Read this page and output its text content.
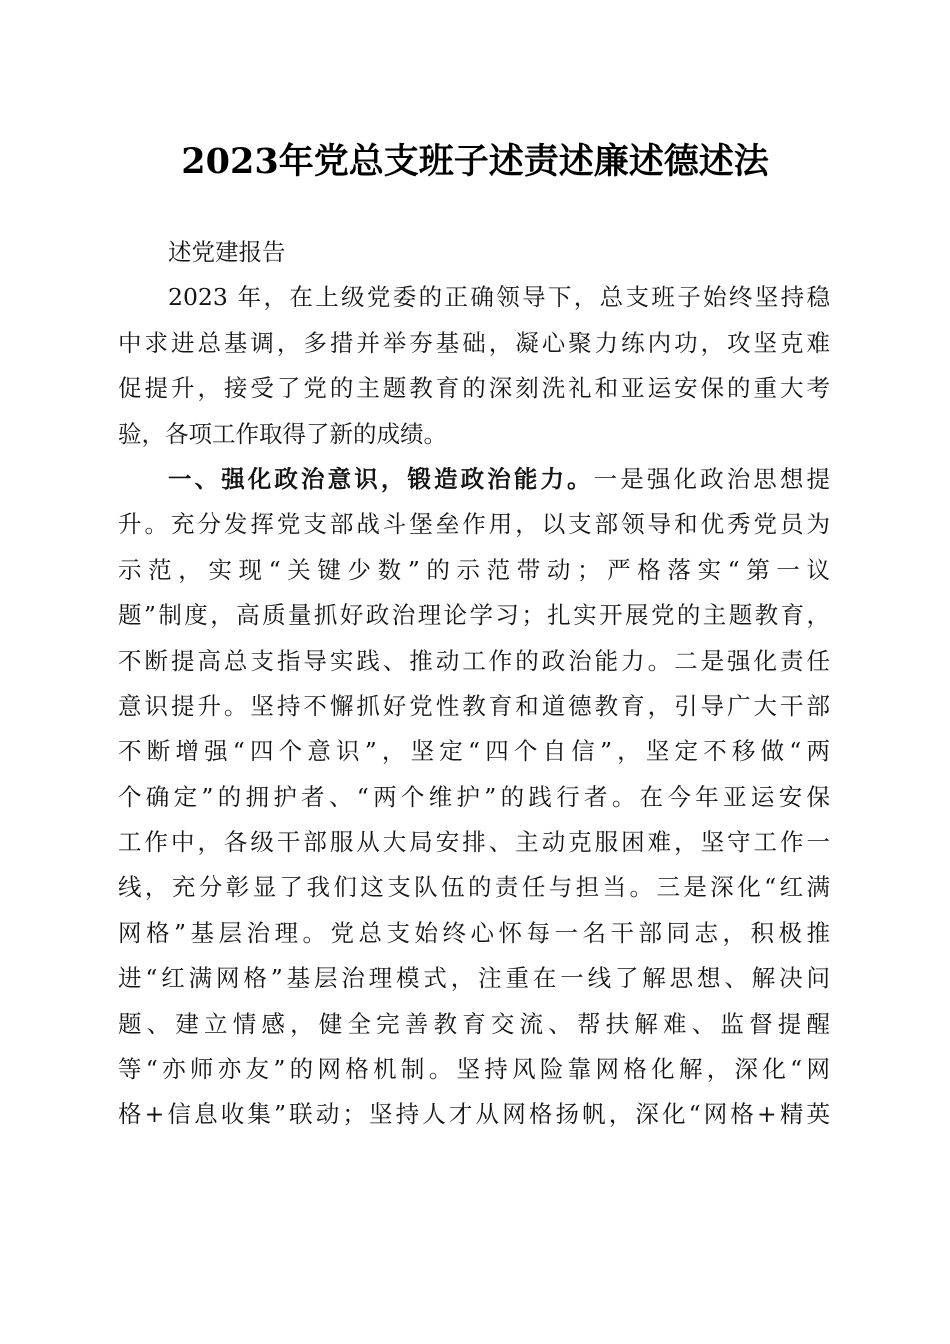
2023年党总支班子述责述廉述德述法
述党建报告
2023 年，在上级党委的正确领导下，总支班子始终坚持稳
中求进总基调，多措并举夯基础，凝心聚力练内功，攻坚克难
促提升，接受了党的主题教育的深刻洗礼和亚运安保的重大考
验，各项工作取得了新的成绩。
一、强化政治意识，锻造政治能力。一是强化政治思想提
升。充分发挥党支部战斗堡垒作用，以支部领导和优秀党员为
示范，实现“关键少数”的示范带动；严格落实“第一议
题”制度，高质量抓好政治理论学习；扎实开展党的主题教育，
不断提高总支指导实践、推动工作的政治能力。二是强化责任
意识提升。坚持不懈抓好党性教育和道德教育，引导广大干部
不断增强“四个意识”，坚定“四个自信”，坚定不移做“两
个确定”的拥护者、“两个维护”的践行者。在今年亚运安保
工作中，各级干部服从大局安排、主动克服困难，坚守工作一
线，充分彰显了我们这支队伍的责任与担当。三是深化“红满
网格”基层治理。党总支始终心怀每一名干部同志，积极推
进“红满网格”基层治理模式，注重在一线了解思想、解决问
题、建立情感，健全完善教育交流、帮扶解难、监督提醒
等“亦师亦友”的网格机制。坚持风险靠网格化解，深化“网
格+信息收集”联动；坚持人才从网格扬帆，深化“网格+精英
